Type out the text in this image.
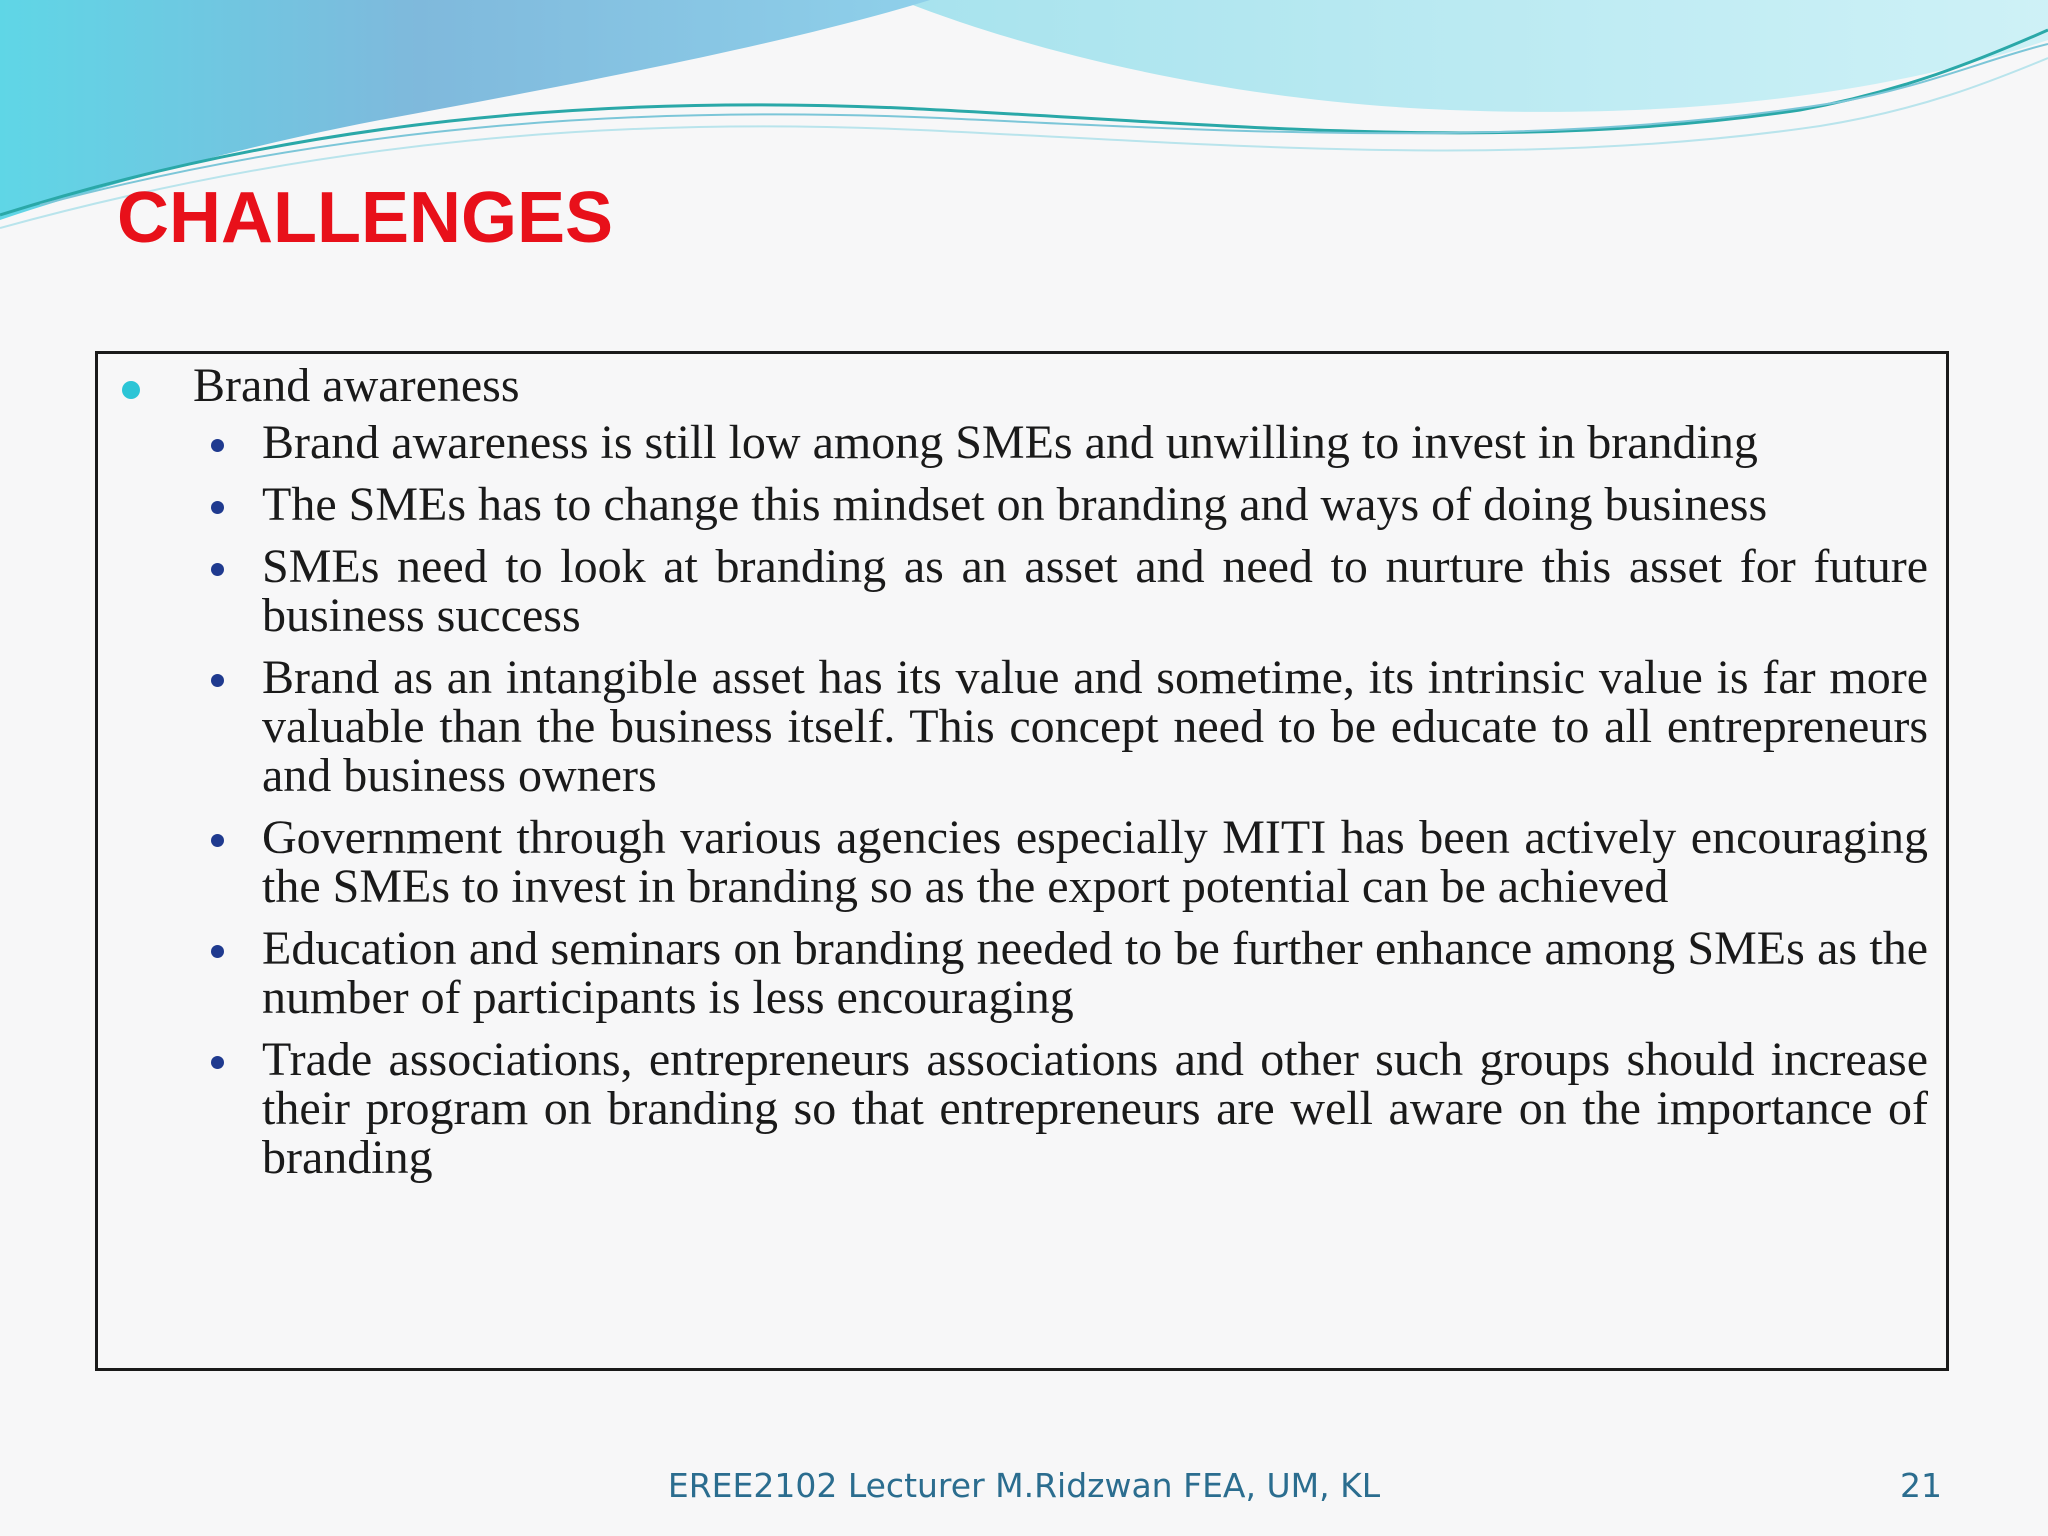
CHALLENGES
Brand awareness
Brand awareness is still low among SMEs and unwilling to invest in branding
The SMEs has to change this mindset on branding and ways of doing business
SMEs need to look at branding as an asset and need to nurture this asset for future business success
Brand as an intangible asset has its value and sometime, its intrinsic value is far more valuable than the business itself. This concept need to be educate to all entrepreneurs and business owners
Government through various agencies especially MITI has been actively encouraging the SMEs to invest in branding so as the export potential can be achieved
Education and seminars on branding needed to be further enhance among SMEs as the number of participants is less encouraging
Trade associations, entrepreneurs associations and other such groups should increase their program on branding so that entrepreneurs are well aware on the importance of branding
EREE2102 Lecturer M.Ridzwan FEA, UM, KL	21
